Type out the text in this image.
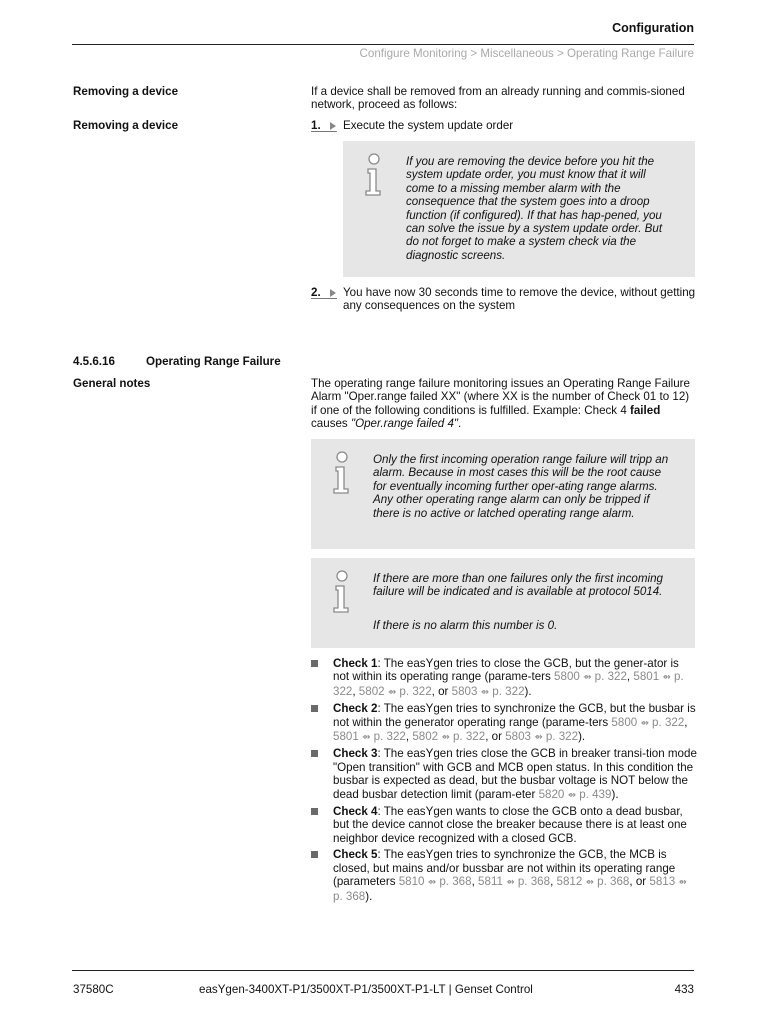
Configuration
Configure Monitoring > Miscellaneous > Operating Range Failure
Removing a device	If a device shall be removed from an already running and commis-sioned network, proceed as follows:
Removing a device	1.	Execute the system update order
If you are removing the device before you hit the system update order, you must know that it will come to a missing member alarm with the consequence that the system goes into a droop function (if configured). If that has hap-pened, you can solve the issue by a system update order. But do not forget to make a system check via the diagnostic screens.
2.	You have now 30 seconds time to remove the device, without getting any consequences on the system
4.5.6.16	Operating Range Failure
General notes	The operating range failure monitoring issues an Operating Range Failure Alarm "Oper.range failed XX" (where XX is the number of Check 01 to 12) if one of the following conditions is fulfilled. Example: Check 4 failed causes "Oper.range failed 4".
Only the first incoming operation range failure will tripp an alarm. Because in most cases this will be the root cause for eventually incoming further oper-ating range alarms. Any other operating range alarm can only be tripped if there is no active or latched operating range alarm.
If there are more than one failures only the first incoming failure will be indicated and is available at protocol 5014.
If there is no alarm this number is 0.
Check 1: The easYgen tries to close the GCB, but the gener-ator is not within its operating range (parame-ters 5800 ⇴ p. 322, 5801 ⇴ p. 322, 5802 ⇴ p. 322, or 5803 ⇴ p. 322).
Check 2: The easYgen tries to synchronize the GCB, but the busbar is not within the generator operating range (parame-ters 5800 ⇴ p. 322, 5801 ⇴ p. 322, 5802 ⇴ p. 322, or 5803 ⇴ p. 322).
Check 3: The easYgen tries close the GCB in breaker transi-tion mode "Open transition" with GCB and MCB open status. In this condition the busbar is expected as dead, but the busbar voltage is NOT below the dead busbar detection limit (param-eter 5820 ⇴ p. 439).
Check 4: The easYgen wants to close the GCB onto a dead busbar, but the device cannot close the breaker because there is at least one neighbor device recognized with a closed GCB.
Check 5: The easYgen tries to synchronize the GCB, the MCB is closed, but mains and/or bussbar are not within its operating range (parameters 5810 ⇴ p. 368, 5811 ⇴ p. 368, 5812 ⇴ p. 368, or 5813 ⇴ p. 368).
37580C	easYgen-3400XT-P1/3500XT-P1/3500XT-P1-LT | Genset Control	433
